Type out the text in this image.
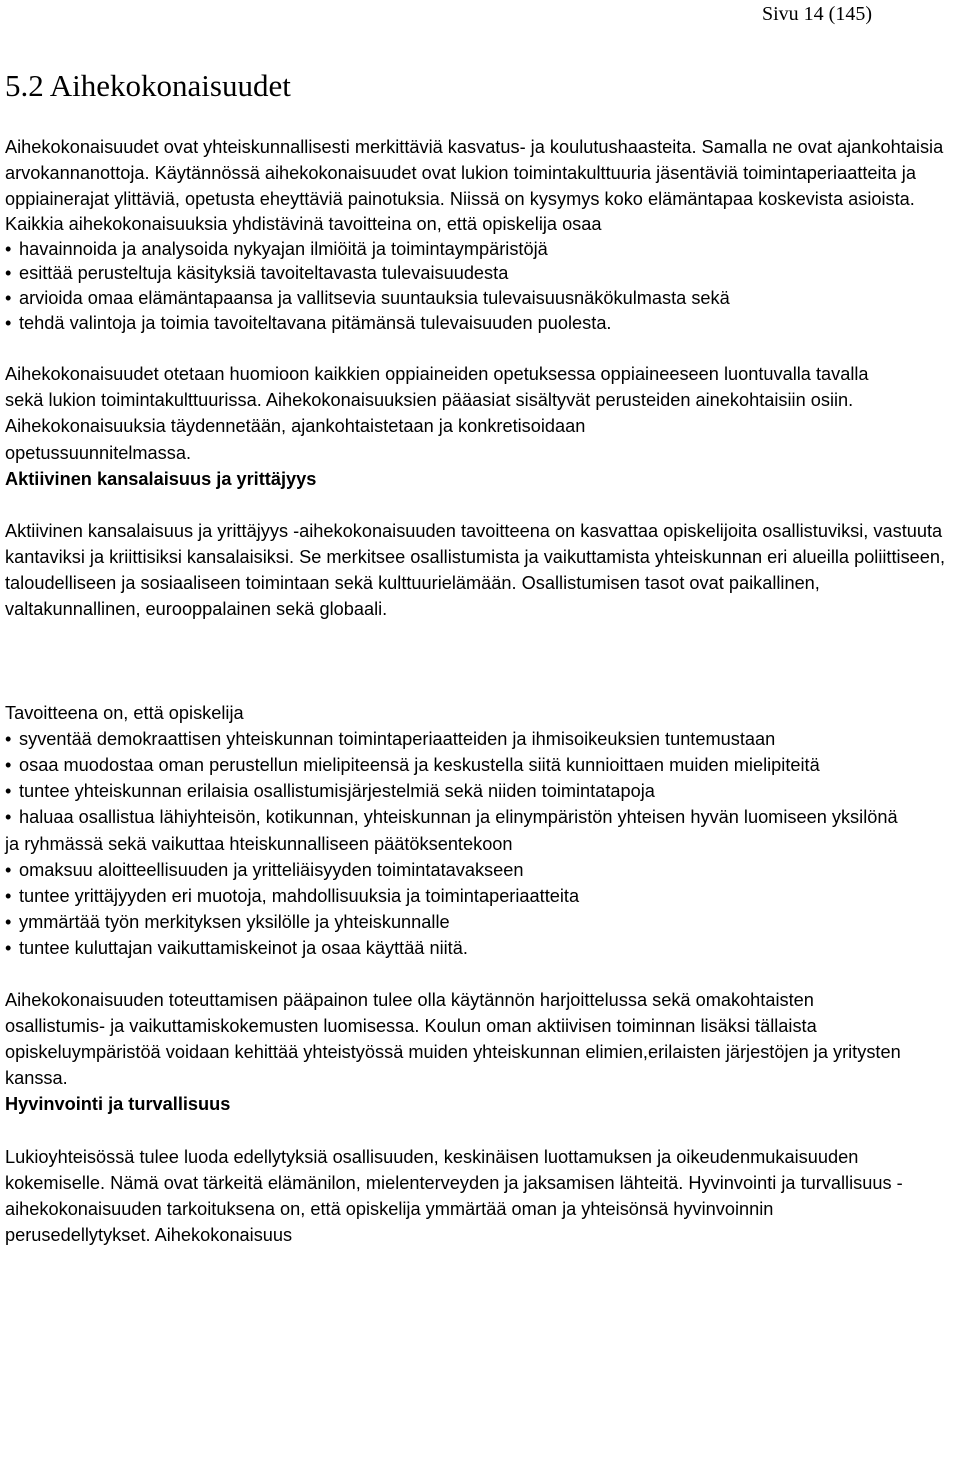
Sivu 14 (145)
5.2 Aihekokonaisuudet

Aihekokonaisuudet ovat yhteiskunnallisesti merkittäviä kasvatus- ja koulutushaasteita. Samalla ne ovat ajankohtaisia arvokannanottoja. Käytännössä aihekokonaisuudet ovat lukion toimintakulttuuria jäsentäviä toimintaperiaatteita ja oppiainerajat ylittäviä, opetusta eheyttäviä painotuksia. Niissä on kysymys koko elämäntapaa koskevista asioista.

Kaikkia aihekokonaisuuksia yhdistävinä tavoitteina on, että opiskelija osaa

• havainnoida ja analysoida nykyajan ilmiöitä ja toimintaympäristöjä
• esittää perusteltuja käsityksiä tavoiteltavasta tulevaisuudesta
• arvioida omaa elämäntapaansa ja vallitsevia suuntauksia tulevaisuusnäkökulmasta sekä
• tehdä valintoja ja toimia tavoiteltavana pitämänsä tulevaisuuden puolesta.

Aihekokonaisuudet otetaan huomioon kaikkien oppiaineiden opetuksessa oppiaineeseen luontuvalla tavalla sekä lukion toimintakulttuurissa. Aihekokonaisuuksien pääasiat sisältyvät perusteiden ainekohtaisiin osiin. Aihekokonaisuuksia täydennetään, ajankohtaistetaan ja konkretisoidaan

opetussuunnitelmassa.

Aktiivinen kansalaisuus ja yrittäjyys

Aktiivinen kansalaisuus ja yrittäjyys -aihekokonaisuuden tavoitteena on kasvattaa opiskelijoita osallistuviksi, vastuuta kantaviksi ja kriittisiksi kansalaisiksi. Se merkitsee osallistumista ja vaikuttamista yhteiskunnan eri alueilla poliittiseen, taloudelliseen ja sosiaaliseen toimintaan sekä kulttuurielämään. Osallistumisen tasot ovat paikallinen, valtakunnallinen, eurooppalainen sekä globaali.

Tavoitteena on, että opiskelija

• syventää demokraattisen yhteiskunnan toimintaperiaatteiden ja ihmisoikeuksien tuntemustaan
• osaa muodostaa oman perustellun mielipiteensä ja keskustella siitä kunnioittaen muiden mielipiteitä
• tuntee yhteiskunnan erilaisia osallistumisjärjestelmiä sekä niiden toimintatapoja
• haluaa osallistua lähiyhteisön, kotikunnan, yhteiskunnan ja elinympäristön yhteisen hyvän luomiseen yksilönä ja ryhmässä sekä vaikuttaa hteiskunnalliseen päätöksentekoon
• omaksuu aloitteellisuuden ja yritteliäisyyden toimintatavakseen
• tuntee yrittäjyyden eri muotoja, mahdollisuuksia ja toimintaperiaatteita
• ymmärtää työn merkityksen yksilölle ja yhteiskunnalle
• tuntee kuluttajan vaikuttamiskeinot ja osaa käyttää niitä.

Aihekokonaisuuden toteuttamisen pääpainon tulee olla käytännön harjoittelussa sekä omakohtaisten osallistumis- ja vaikuttamiskokemusten luomisessa. Koulun oman aktiivisen toiminnan lisäksi tällaista opiskeluympäristöä voidaan kehittää yhteistyössä muiden yhteiskunnan elimien,erilaisten järjestöjen ja yritysten kanssa.

Hyvinvointi ja turvallisuus

Lukioyhteisössä tulee luoda edellytyksiä osallisuuden, keskinäisen luottamuksen ja oikeudenmukaisuuden kokemiselle. Nämä ovat tärkeitä elämänilon, mielenterveyden ja jaksamisen lähteitä. Hyvinvointi ja turvallisuus -aihekokonaisuuden tarkoituksena on, että opiskelija ymmärtää oman ja yhteisönsä hyvinvoinnin perusedellytykset. Aihekokonaisuus
